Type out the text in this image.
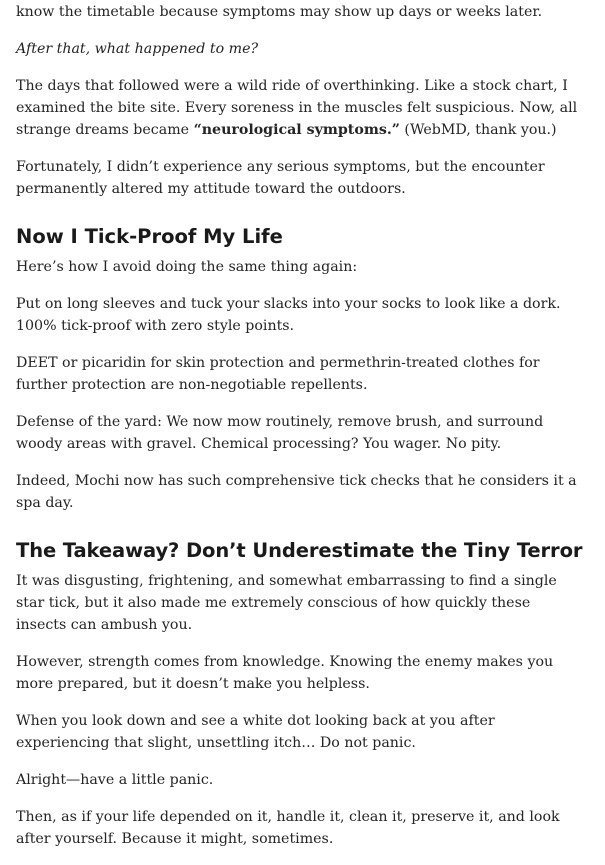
know the timetable because symptoms may show up days or weeks later.

After that, what happened to me?

The days that followed were a wild ride of overthinking. Like a stock chart, I examined the bite site. Every soreness in the muscles felt suspicious. Now, all strange dreams became “neurological symptoms.” (WebMD, thank you.)

Fortunately, I didn’t experience any serious symptoms, but the encounter permanently altered my attitude toward the outdoors.

Now I Tick-Proof My Life

Here’s how I avoid doing the same thing again:

Put on long sleeves and tuck your slacks into your socks to look like a dork. 100% tick-proof with zero style points.

DEET or picaridin for skin protection and permethrin-treated clothes for further protection are non-negotiable repellents.

Defense of the yard: We now mow routinely, remove brush, and surround woody areas with gravel. Chemical processing? You wager. No pity.

Indeed, Mochi now has such comprehensive tick checks that he considers it a spa day.

The Takeaway? Don’t Underestimate the Tiny Terror

It was disgusting, frightening, and somewhat embarrassing to find a single star tick, but it also made me extremely conscious of how quickly these insects can ambush you.

However, strength comes from knowledge. Knowing the enemy makes you more prepared, but it doesn’t make you helpless.

When you look down and see a white dot looking back at you after experiencing that slight, unsettling itch… Do not panic.

Alright—have a little panic.

Then, as if your life depended on it, handle it, clean it, preserve it, and look after yourself. Because it might, sometimes.
